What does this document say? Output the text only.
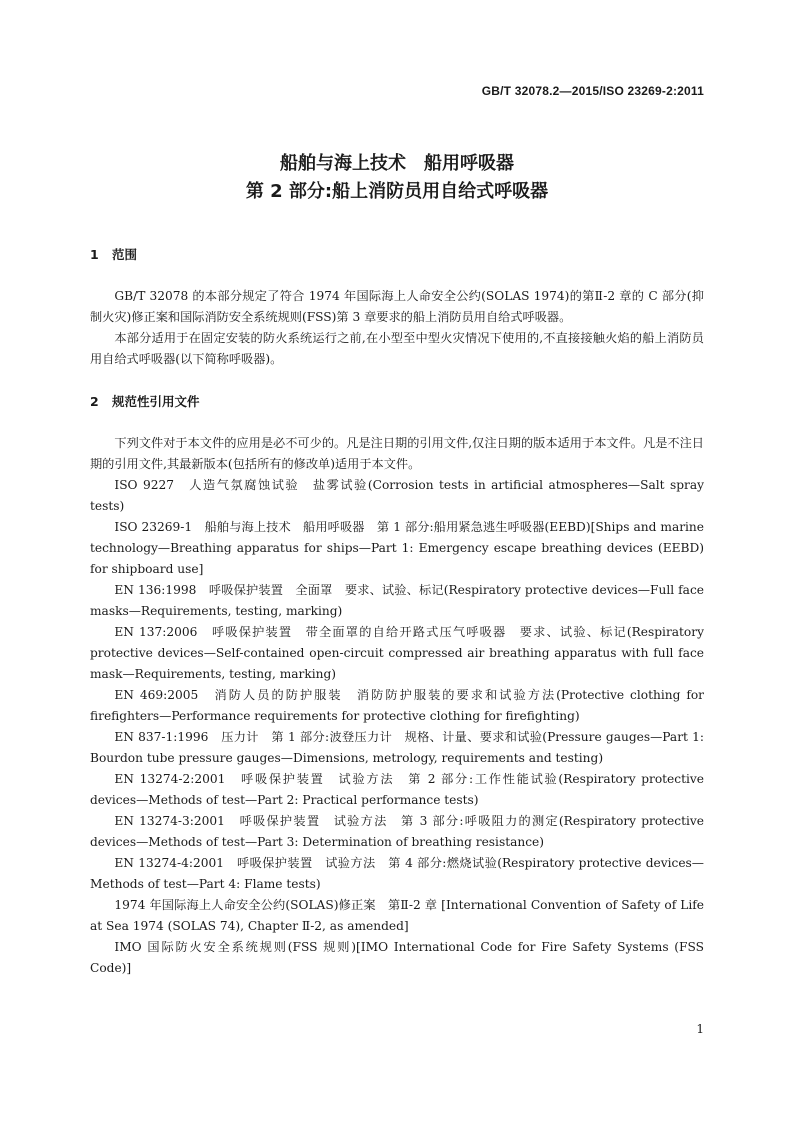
GB/T 32078.2—2015/ISO 23269-2:2011
船舶与海上技术　船用呼吸器
第 2 部分:船上消防员用自给式呼吸器

1 范围

GB/T 32078 的本部分规定了符合 1974 年国际海上人命安全公约(SOLAS 1974)的第Ⅱ-2 章的 C 部分(抑制火灾)修正案和国际消防安全系统规则(FSS)第 3 章要求的船上消防员用自给式呼吸器。

本部分适用于在固定安装的防火系统运行之前,在小型至中型火灾情况下使用的,不直接接触火焰的船上消防员用自给式呼吸器(以下简称呼吸器)。

2 规范性引用文件

下列文件对于本文件的应用是必不可少的。凡是注日期的引用文件,仅注日期的版本适用于本文件。凡是不注日期的引用文件,其最新版本(包括所有的修改单)适用于本文件。

ISO 9227　人造气氛腐蚀试验　盐雾试验(Corrosion tests in artificial atmospheres—Salt spray tests)
ISO 23269-1　船舶与海上技术　船用呼吸器　第 1 部分:船用紧急逃生呼吸器(EEBD)[Ships and marine technology—Breathing apparatus for ships—Part 1: Emergency escape breathing devices (EEBD) for shipboard use]
EN 136:1998　呼吸保护装置　全面罩　要求、试验、标记(Respiratory protective devices—Full face masks—Requirements, testing, marking)
EN 137:2006　呼吸保护装置　带全面罩的自给开路式压气呼吸器　要求、试验、标记(Respiratory protective devices—Self-contained open-circuit compressed air breathing apparatus with full face mask—Requirements, testing, marking)
EN 469:2005　消防人员的防护服装　消防防护服装的要求和试验方法(Protective clothing for firefighters—Performance requirements for protective clothing for firefighting)
EN 837-1:1996　压力计　第 1 部分:波登压力计　规格、计量、要求和试验(Pressure gauges—Part 1: Bourdon tube pressure gauges—Dimensions, metrology, requirements and testing)
EN 13274-2:2001　呼吸保护装置　试验方法　第 2 部分:工作性能试验(Respiratory protective devices—Methods of test—Part 2: Practical performance tests)
EN 13274-3:2001　呼吸保护装置　试验方法　第 3 部分:呼吸阻力的测定(Respiratory protective devices—Methods of test—Part 3: Determination of breathing resistance)
EN 13274-4:2001　呼吸保护装置　试验方法　第 4 部分:燃烧试验(Respiratory protective devices—Methods of test—Part 4: Flame tests)
1974 年国际海上人命安全公约(SOLAS)修正案　第Ⅱ-2 章 [International Convention of Safety of Life at Sea 1974 (SOLAS 74), Chapter Ⅱ-2, as amended]
IMO 国际防火安全系统规则(FSS 规则)[IMO International Code for Fire Safety Systems (FSS Code)]
1
